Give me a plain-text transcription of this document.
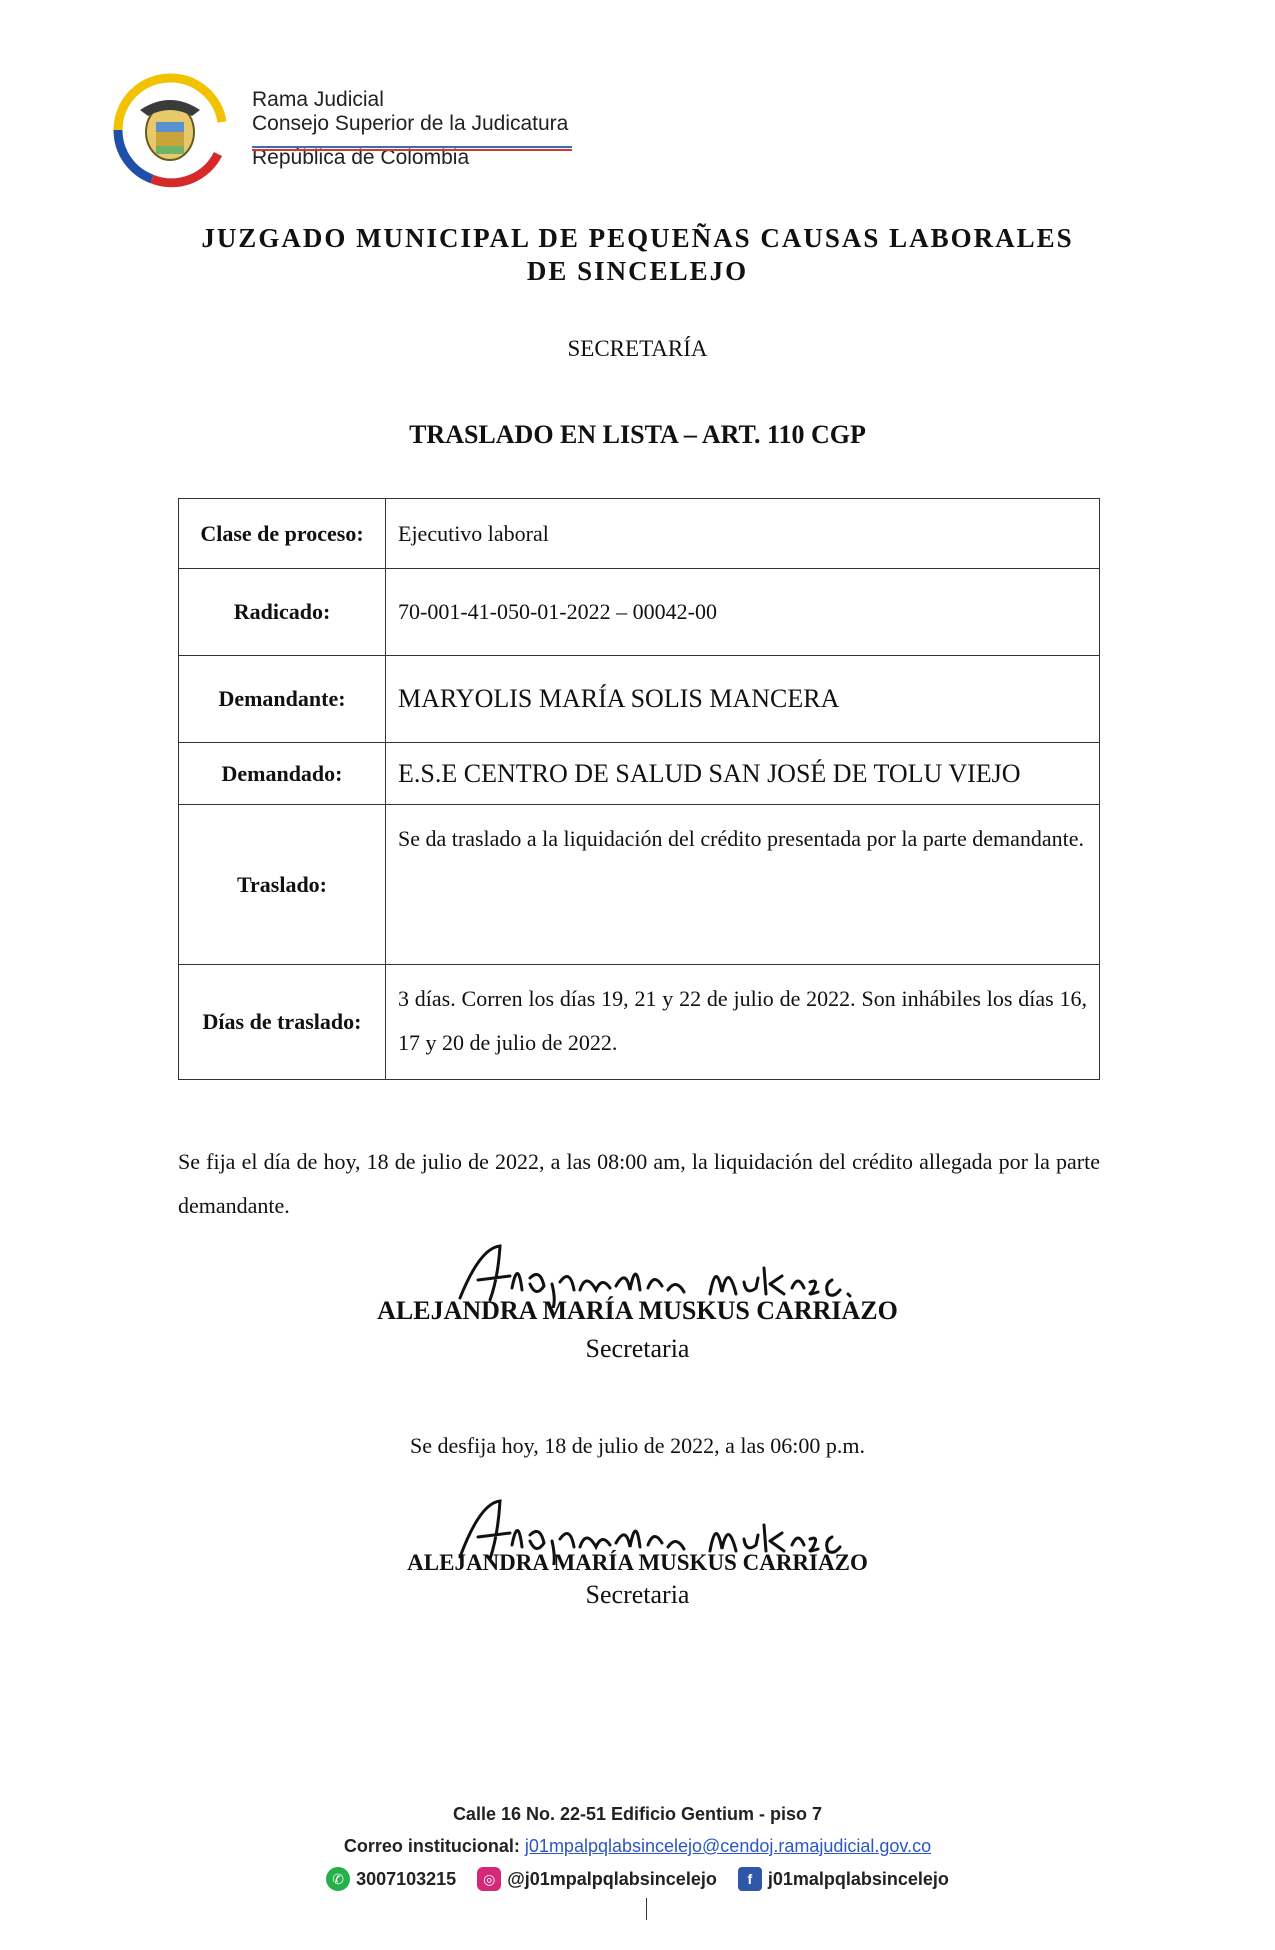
Rama Judicial
Consejo Superior de la Judicatura
República de Colombia
JUZGADO MUNICIPAL DE PEQUEÑAS CAUSAS LABORALES
DE SINCELEJO
SECRETARÍA
TRASLADO EN LISTA – ART. 110 CGP
Clase de proceso:	Ejecutivo laboral
Radicado:	70-001-41-050-01-2022 – 00042-00
Demandante:	MARYOLIS MARÍA SOLIS MANCERA
Demandado:	E.S.E CENTRO DE SALUD SAN JOSÉ DE TOLU VIEJO
Traslado:	Se da traslado a la liquidación del crédito presentada por la parte demandante.
Días de traslado:	3 días. Corren los días 19, 21 y 22 de julio de 2022. Son inhábiles los días 16, 17 y 20 de julio de 2022.
Se fija el día de hoy, 18 de julio de 2022, a las 08:00 am, la liquidación del crédito allegada por la parte demandante.
ALEJANDRA MARÍA MUSKUS CARRIAZO
Secretaria
Se desfija hoy, 18 de julio de 2022, a las 06:00 p.m.
ALEJANDRA MARÍA MUSKUS CARRIAZO
Secretaria
Calle 16 No. 22-51 Edificio Gentium - piso 7
Correo institucional: j01mpalpqlabsincelejo@cendoj.ramajudicial.gov.co
✆ 3007103215
	◎ @j01mpalpqlabsincelejo
	f j01malpqlabsincelejo
